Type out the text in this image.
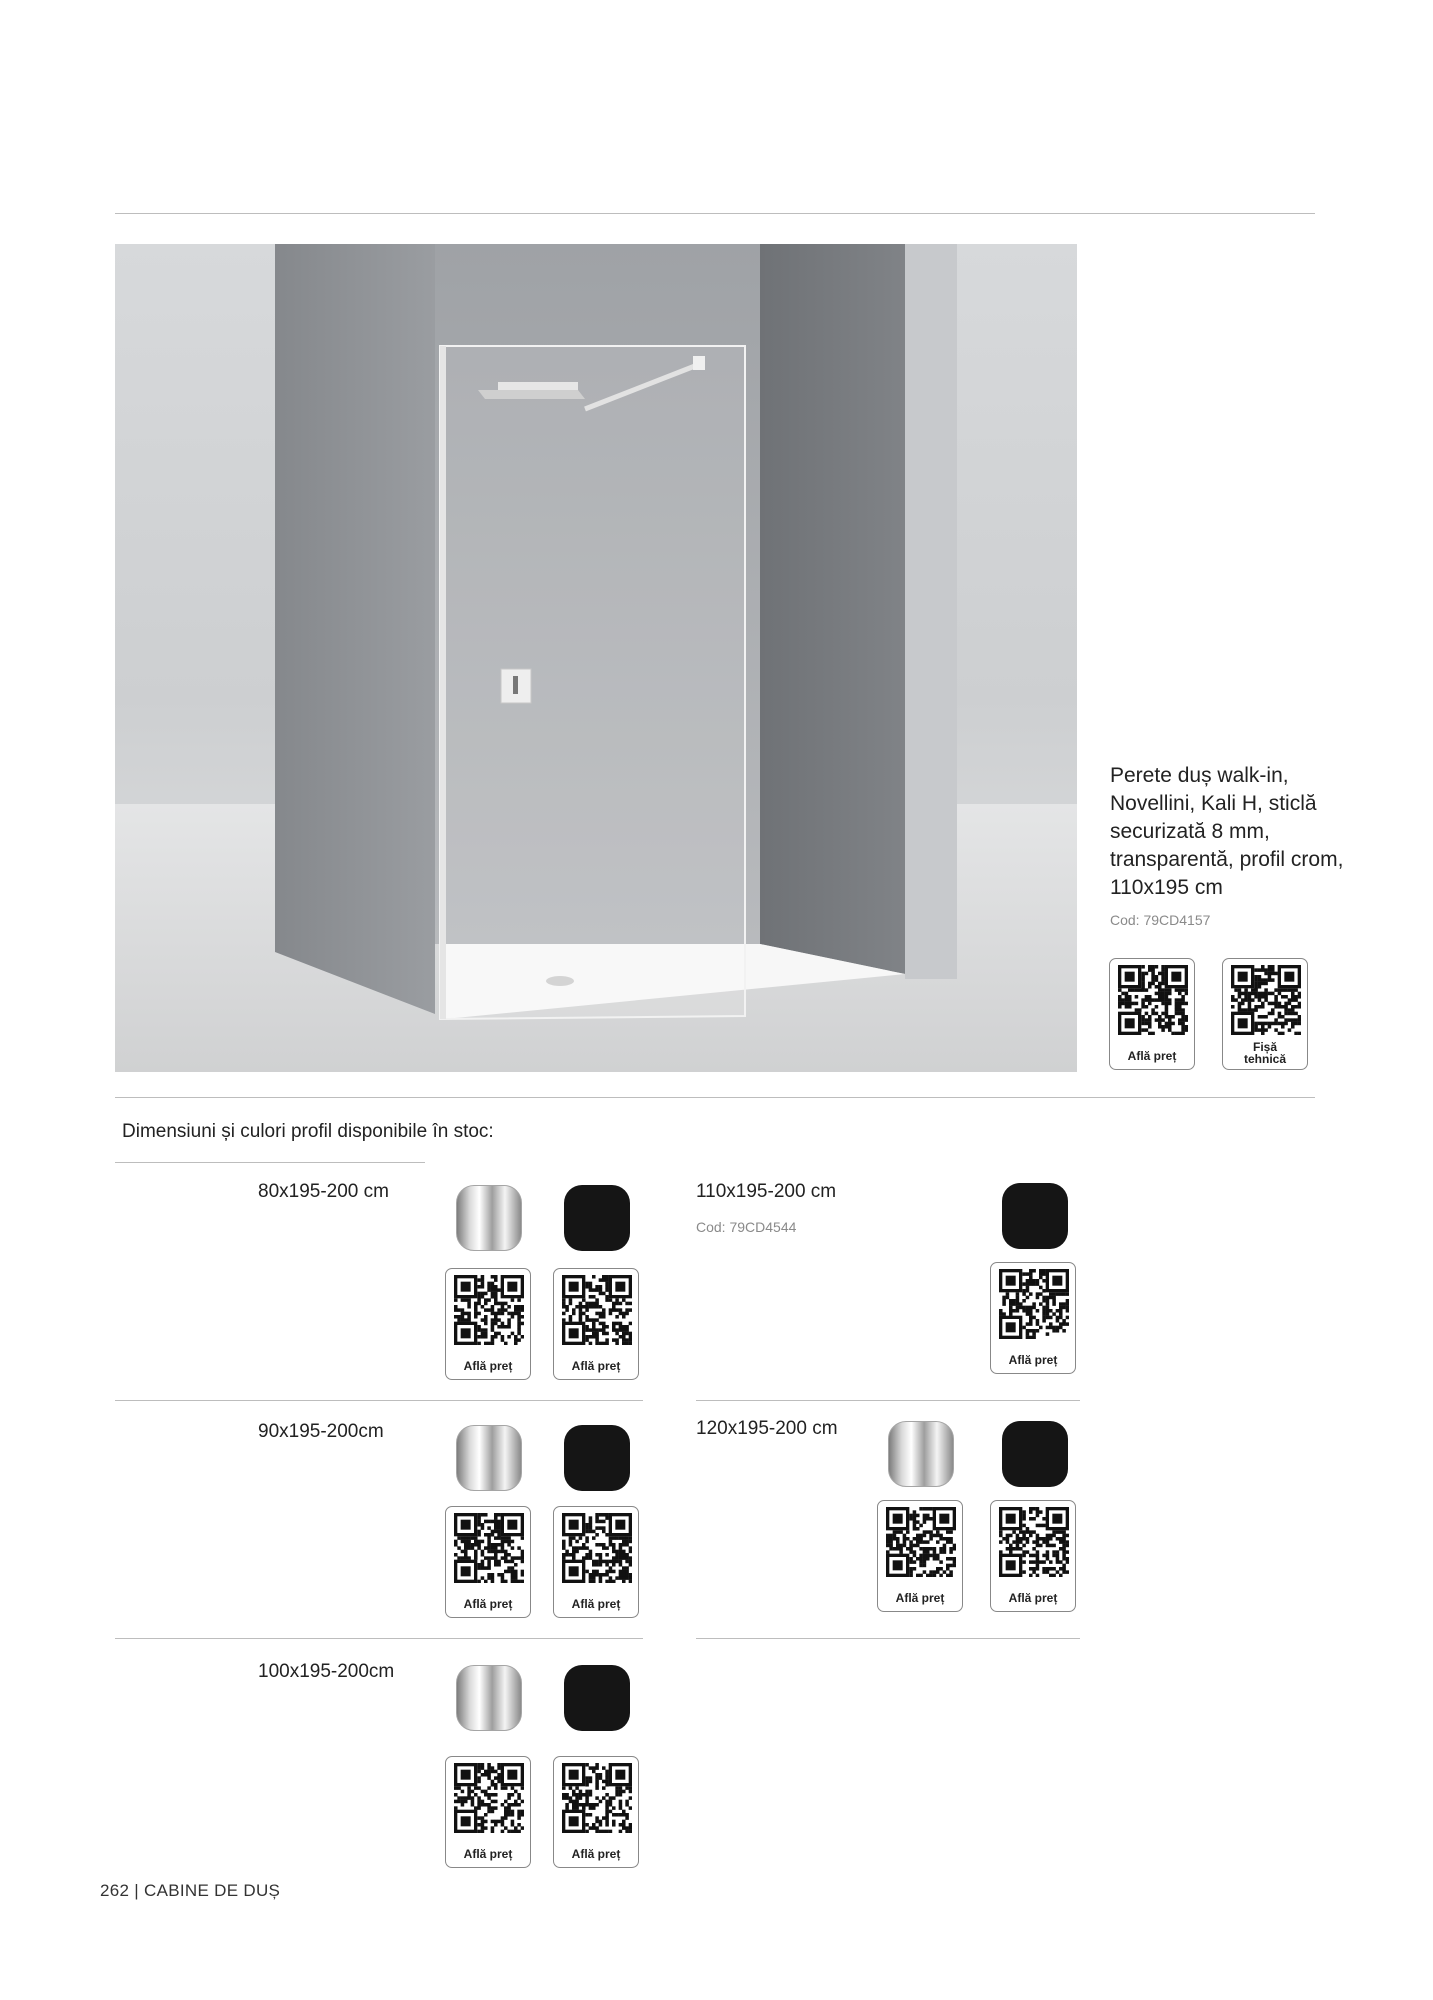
Perete duș walk-in, Novellini, Kali H, sticlă securizată 8 mm, transparentă, profil crom, 110x195 cm
Cod: 79CD4157
Află preț
Fișă tehnică
Dimensiuni și culori profil disponibile în stoc:
80x195-200 cm
Află preț	Află preț
90x195-200cm
Află preț	Află preț
100x195-200cm
Află preț	Află preț
110x195-200 cm
Cod: 79CD4544
Află preț
120x195-200 cm
Află preț	Află preț
262 | CABINE DE DUȘ
